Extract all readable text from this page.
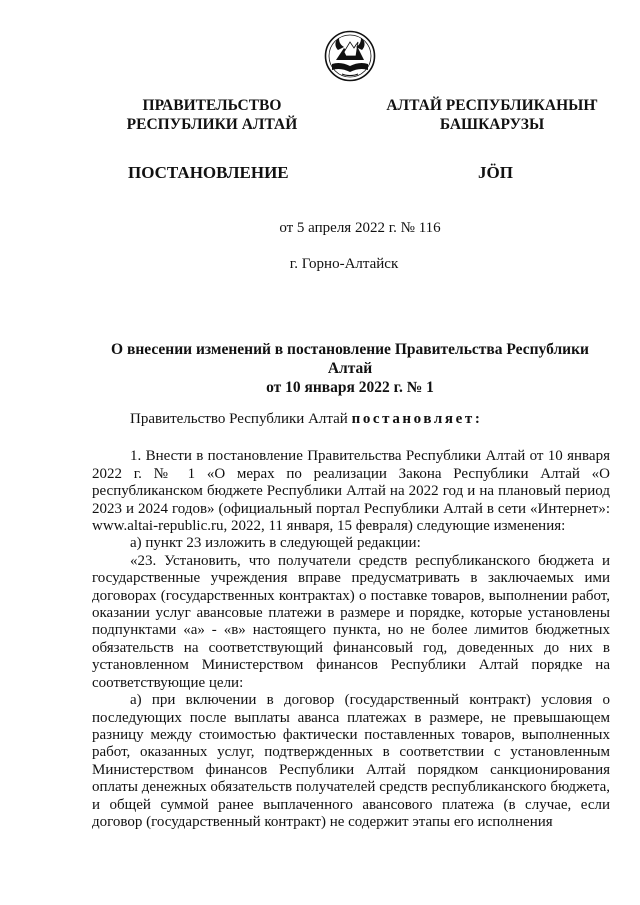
ПРАВИТЕЛЬСТВО
РЕСПУБЛИКИ АЛТАЙ
АЛТАЙ РЕСПУБЛИКАНЫҤ
БАШКАРУЗЫ
ПОСТАНОВЛЕНИЕ	JÖП
от 5 апреля 2022 г. № 116
г. Горно-Алтайск
О внесении изменений в постановление Правительства Республики Алтай
от 10 января 2022 г. № 1

Правительство Республики Алтай постановляет:

1. Внести в постановление Правительства Республики Алтай от 10 января 2022 г. № 1 «О мерах по реализации Закона Республики Алтай «О республиканском бюджете Республики Алтай на 2022 год и на плановый период 2023 и 2024 годов» (официальный портал Республики Алтай в сети «Интернет»: www.altai-republic.ru, 2022, 11 января, 15 февраля) следующие изменения:

а) пункт 23 изложить в следующей редакции:

«23. Установить, что получатели средств республиканского бюджета и государственные учреждения вправе предусматривать в заключаемых ими договорах (государственных контрактах) о поставке товаров, выполнении работ, оказании услуг авансовые платежи в размере и порядке, которые установлены подпунктами «а» - «в» настоящего пункта, но не более лимитов бюджетных обязательств на соответствующий финансовый год, доведенных до них в установленном Министерством финансов Республики Алтай порядке на соответствующие цели:

а) при включении в договор (государственный контракт) условия о последующих после выплаты аванса платежах в размере, не превышающем разницу между стоимостью фактически поставленных товаров, выполненных работ, оказанных услуг, подтвержденных в соответствии с установленным Министерством финансов Республики Алтай порядком санкционирования оплаты денежных обязательств получателей средств республиканского бюджета, и общей суммой ранее выплаченного авансового платежа (в случае, если договор (государственный контракт) не содержит этапы его исполнения
